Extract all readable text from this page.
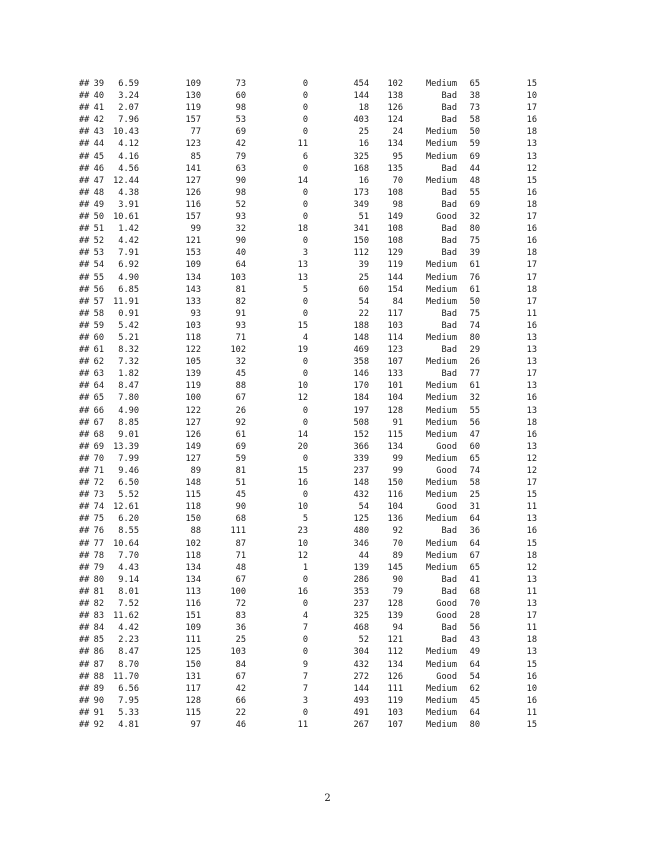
## 39	6.59	109	73	0	454	102	Medium 65	15
## 40	3.24	130	60	0	144	138	Bad 38	10
## 41	2.07	119	98	0	18	126	Bad 73	17
## 42	7.96	157	53	0	403	124	Bad 58	16
## 43	10.43	77	69	0	25	24	Medium 50	18
## 44	4.12	123	42	11	16	134	Medium 59	13
## 45	4.16	85	79	6	325	95	Medium 69	13
## 46	4.56	141	63	0	168	135	Bad 44	12
## 47	12.44	127	90	14	16	70	Medium 48	15
## 48	4.38	126	98	0	173	108	Bad 55	16
## 49	3.91	116	52	0	349	98	Bad 69	18
## 50	10.61	157	93	0	51	149	Good 32	17
## 51	1.42	99	32	18	341	108	Bad 80	16
## 52	4.42	121	90	0	150	108	Bad 75	16
## 53	7.91	153	40	3	112	129	Bad 39	18
## 54	6.92	109	64	13	39	119	Medium 61	17
## 55	4.90	134	103	13	25	144	Medium 76	17
## 56	6.85	143	81	5	60	154	Medium 61	18
## 57	11.91	133	82	0	54	84	Medium 50	17
## 58	0.91	93	91	0	22	117	Bad 75	11
## 59	5.42	103	93	15	188	103	Bad 74	16
## 60	5.21	118	71	4	148	114	Medium 80	13
## 61	8.32	122	102	19	469	123	Bad 29	13
## 62	7.32	105	32	0	358	107	Medium 26	13
## 63	1.82	139	45	0	146	133	Bad 77	17
## 64	8.47	119	88	10	170	101	Medium 61	13
## 65	7.80	100	67	12	184	104	Medium 32	16
## 66	4.90	122	26	0	197	128	Medium 55	13
## 67	8.85	127	92	0	508	91	Medium 56	18
## 68	9.01	126	61	14	152	115	Medium 47	16
## 69	13.39	149	69	20	366	134	Good 60	13
## 70	7.99	127	59	0	339	99	Medium 65	12
## 71	9.46	89	81	15	237	99	Good 74	12
## 72	6.50	148	51	16	148	150	Medium 58	17
## 73	5.52	115	45	0	432	116	Medium 25	15
## 74	12.61	118	90	10	54	104	Good 31	11
## 75	6.20	150	68	5	125	136	Medium 64	13
## 76	8.55	88	111	23	480	92	Bad 36	16
## 77	10.64	102	87	10	346	70	Medium 64	15
## 78	7.70	118	71	12	44	89	Medium 67	18
## 79	4.43	134	48	1	139	145	Medium 65	12
## 80	9.14	134	67	0	286	90	Bad 41	13
## 81	8.01	113	100	16	353	79	Bad 68	11
## 82	7.52	116	72	0	237	128	Good 70	13
## 83	11.62	151	83	4	325	139	Good 28	17
## 84	4.42	109	36	7	468	94	Bad 56	11
## 85	2.23	111	25	0	52	121	Bad 43	18
## 86	8.47	125	103	0	304	112	Medium 49	13
## 87	8.70	150	84	9	432	134	Medium 64	15
## 88	11.70	131	67	7	272	126	Good 54	16
## 89	6.56	117	42	7	144	111	Medium 62	10
## 90	7.95	128	66	3	493	119	Medium 45	16
## 91	5.33	115	22	0	491	103	Medium 64	11
## 92	4.81	97	46	11	267	107	Medium 80	15
2
